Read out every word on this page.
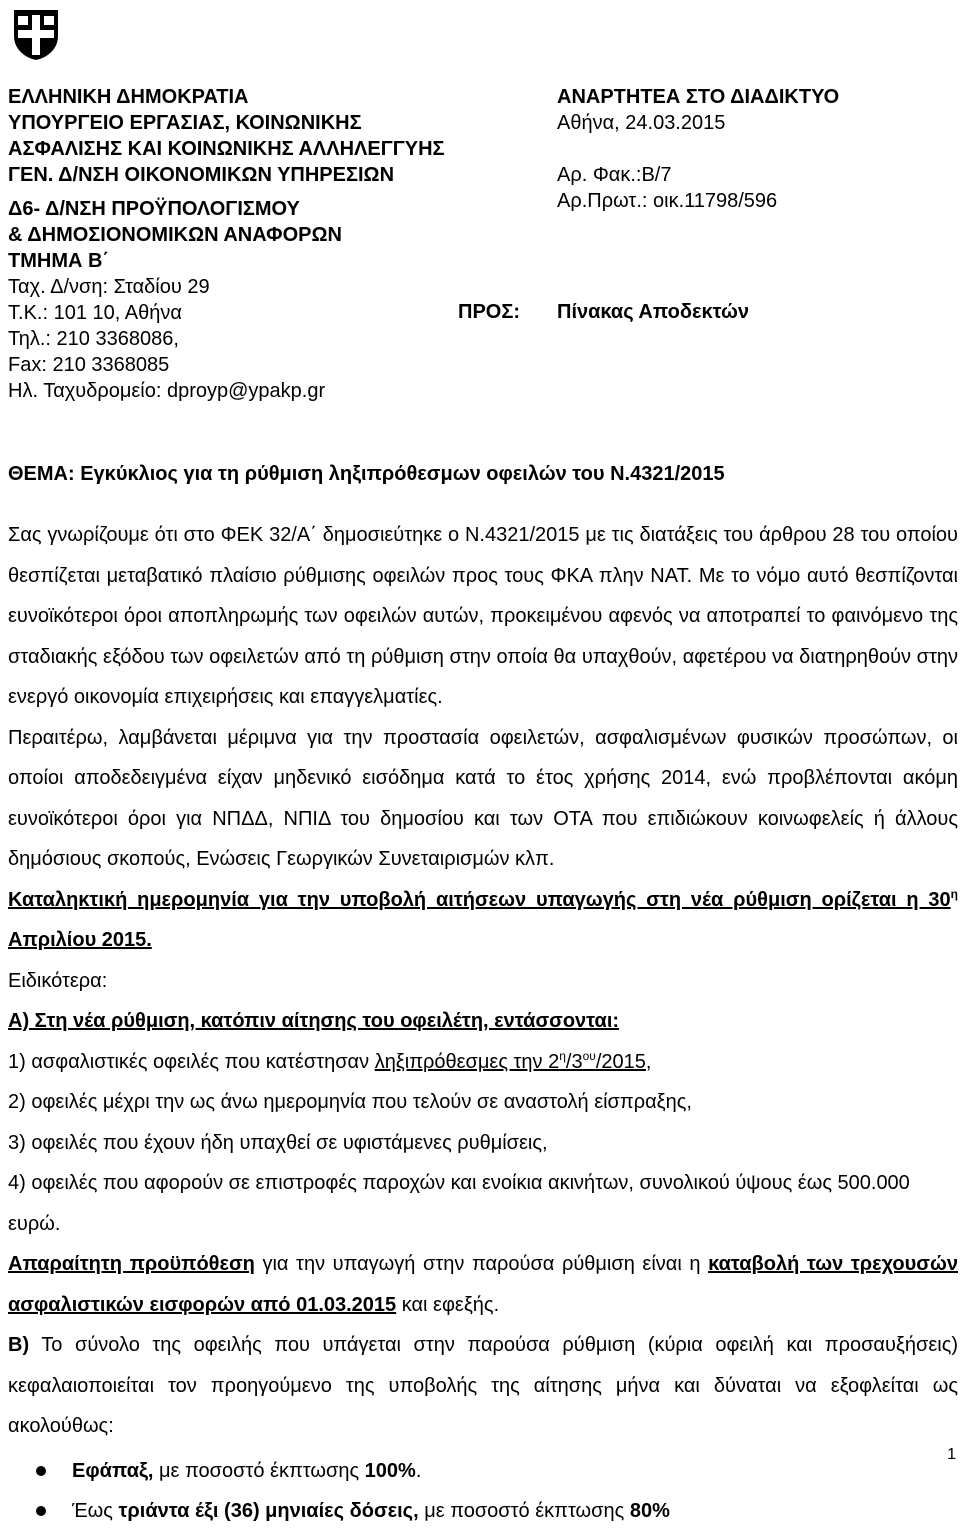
ΕΛΛΗΝΙΚΗ ΔΗΜΟΚΡΑΤΙΑ
ΥΠΟΥΡΓΕΙΟ ΕΡΓΑΣΙΑΣ, ΚΟΙΝΩΝΙΚΗΣ
ΑΣΦΑΛΙΣΗΣ ΚΑΙ ΚΟΙΝΩΝΙΚΗΣ ΑΛΛΗΛΕΓΓΥΗΣ
ΓΕΝ. Δ/ΝΣΗ ΟΙΚΟΝΟΜΙΚΩΝ ΥΠΗΡΕΣΙΩΝ
Δ6- Δ/ΝΣΗ ΠΡΟΫΠΟΛΟΓΙΣΜΟΥ
& ΔΗΜΟΣΙΟΝΟΜΙΚΩΝ ΑΝΑΦΟΡΩΝ
ΤΜΗΜΑ Β΄
Ταχ. Δ/νση: Σταδίου 29
Τ.Κ.: 101 10, Αθήνα
Τηλ.: 210 3368086,
Fax: 210 3368085
Ηλ. Ταχυδρομείο: dproyp@ypakp.gr
ΑΝΑΡΤΗΤΕΑ ΣΤΟ ΔΙΑΔΙΚΤΥΟ
Αθήνα, 24.03.2015
Αρ. Φακ.:Β/7
Αρ.Πρωτ.: οικ.11798/596
ΠΡΟΣ: Πίνακας Αποδεκτών
ΘΕΜΑ: Εγκύκλιος για τη ρύθμιση ληξιπρόθεσμων οφειλών του Ν.4321/2015

Σας γνωρίζουμε ότι στο ΦΕΚ 32/Α΄ δημοσιεύτηκε ο Ν.4321/2015 με τις διατάξεις του άρθρου 28 του οποίου θεσπίζεται μεταβατικό πλαίσιο ρύθμισης οφειλών προς τους ΦΚΑ πλην ΝΑΤ. Με το νόμο αυτό θεσπίζονται ευνοϊκότεροι όροι αποπληρωμής των οφειλών αυτών, προκειμένου αφενός να αποτραπεί το φαινόμενο της σταδιακής εξόδου των οφειλετών από τη ρύθμιση στην οποία θα υπαχθούν, αφετέρου να διατηρηθούν στην ενεργό οικονομία επιχειρήσεις και επαγγελματίες.

Περαιτέρω, λαμβάνεται μέριμνα για την προστασία οφειλετών, ασφαλισμένων φυσικών προσώπων, οι οποίοι αποδεδειγμένα είχαν μηδενικό εισόδημα κατά το έτος χρήσης 2014, ενώ προβλέπονται ακόμη ευνοϊκότεροι όροι για ΝΠΔΔ, ΝΠΙΔ του δημοσίου και των ΟΤΑ που επιδιώκουν κοινωφελείς ή άλλους δημόσιους σκοπούς, Ενώσεις Γεωργικών Συνεταιρισμών κλπ.

Καταληκτική ημερομηνία για την υποβολή αιτήσεων υπαγωγής στη νέα ρύθμιση ορίζεται η $30^\eta$ Απριλίου 2015.

Ειδικότερα:

Α) Στη νέα ρύθμιση, κατόπιν αίτησης του οφειλέτη, εντάσσονται:

1) ασφαλιστικές οφειλές που κατέστησαν ληξιπρόθεσμες την $2^\eta/3^{o\upsilon}/2015$,

2) οφειλές μέχρι την ως άνω ημερομηνία που τελούν σε αναστολή είσπραξης,

3) οφειλές που έχουν ήδη υπαχθεί σε υφιστάμενες ρυθμίσεις,

4) οφειλές που αφορούν σε επιστροφές παροχών και ενοίκια ακινήτων, συνολικού ύψους έως 500.000 ευρώ.

Απαραίτητη προϋπόθεση για την υπαγωγή στην παρούσα ρύθμιση είναι η καταβολή των τρεχουσών ασφαλιστικών εισφορών από 01.03.2015 και εφεξής.

Β) Το σύνολο της οφειλής που υπάγεται στην παρούσα ρύθμιση (κύρια οφειλή και προσαυξήσεις) κεφαλαιοποιείται τον προηγούμενο της υποβολής της αίτησης μήνα και δύναται να εξοφλείται ως ακολούθως:

Εφάπαξ, με ποσοστό έκπτωσης 100%.
Έως τριάντα έξι (36) μηνιαίες δόσεις, με ποσοστό έκπτωσης 80%
1
